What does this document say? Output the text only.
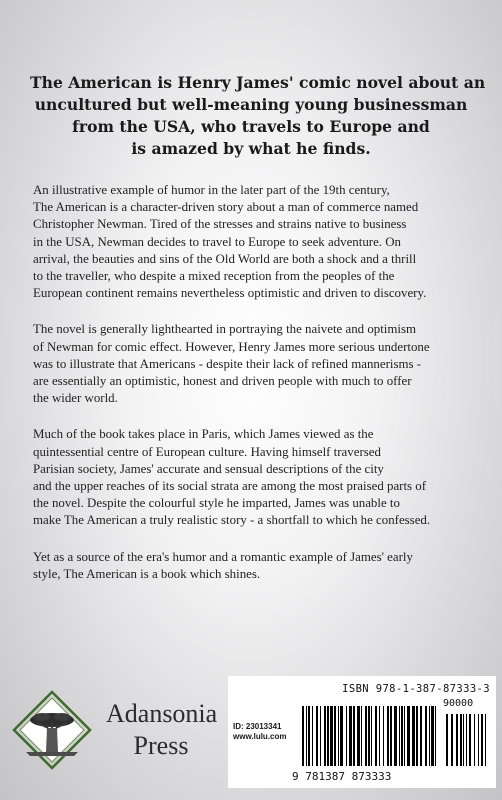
The American is Henry James' comic novel about an
uncultured but well-meaning young businessman
from the USA, who travels to Europe and
is amazed by what he finds.
An illustrative example of humor in the later part of the 19th century,
The American is a character-driven story about a man of commerce named
Christopher Newman. Tired of the stresses and strains native to business
in the USA, Newman decides to travel to Europe to seek adventure. On
arrival, the beauties and sins of the Old World are both a shock and a thrill
to the traveller, who despite a mixed reception from the peoples of the
European continent remains nevertheless optimistic and driven to discovery.
The novel is generally lighthearted in portraying the naivete and optimism
of Newman for comic effect. However, Henry James more serious undertone
was to illustrate that Americans - despite their lack of refined mannerisms -
are essentially an optimistic, honest and driven people with much to offer
the wider world.
Much of the book takes place in Paris, which James viewed as the
quintessential centre of European culture. Having himself traversed
Parisian society, James' accurate and sensual descriptions of the city
and the upper reaches of its social strata are among the most praised parts of
the novel. Despite the colourful style he imparted, James was unable to
make The American a truly realistic story - a shortfall to which he confessed.
Yet as a source of the era's humor and a romantic example of James' early
style, The American is a book which shines.
Adansonia
Press
ISBN 978-1-387-87333-3
ID: 23013341
www.lulu.com
90000
9 781387 873333
